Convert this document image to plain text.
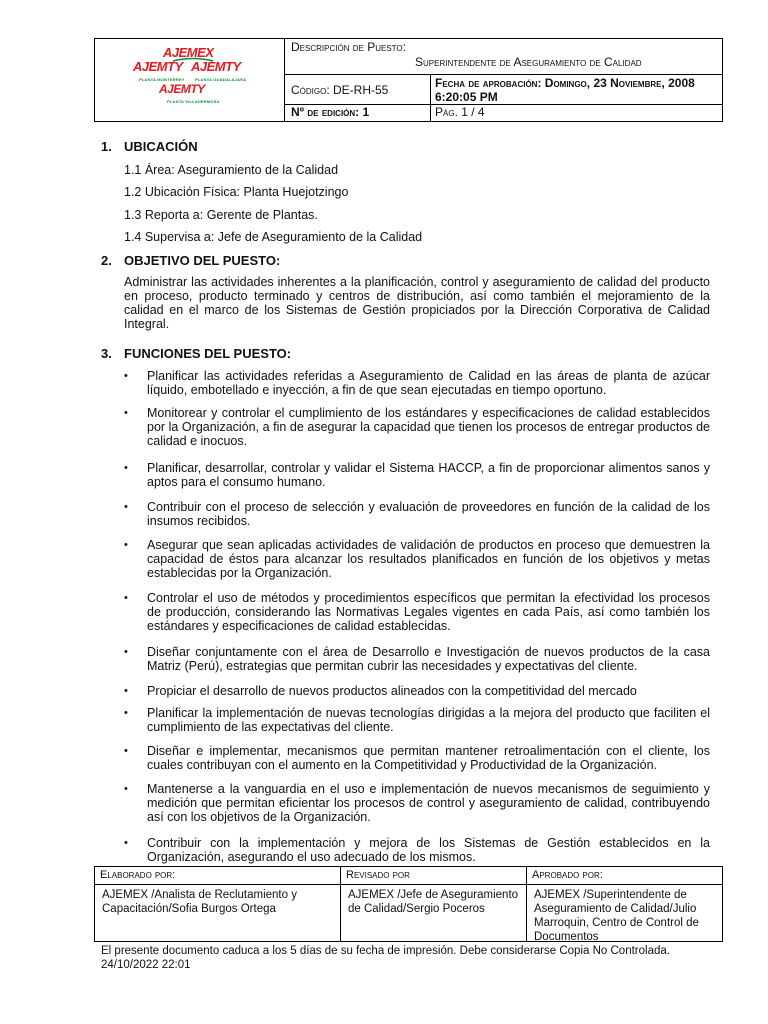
AJEMEX
AJEMTY
PLANTA MONTERREY
AJEMTY
PLANTA GUADALAJARA
AJEMTY
PLANTA VILLAHERMOSA
Descripción de Puesto:
Superintendente de Aseguramiento de Calidad
Código: DE-RH-55	Fecha de aprobación: Domingo, 23 Noviembre, 2008 6:20:05 PM
Nº de edición: 1	Pág. 1 / 4
1. UBICACIÓN
1.1 Área: Aseguramiento de la Calidad
1.2 Ubicación Física: Planta Huejotzingo
1.3 Reporta a: Gerente de Plantas.
1.4 Supervisa a: Jefe de Aseguramiento de la Calidad
2. OBJETIVO DEL PUESTO:
Administrar las actividades inherentes a la planificación, control y aseguramiento de calidad del producto en proceso, producto terminado y centros de distribución, así como también el mejoramiento de la calidad en el marco de los Sistemas de Gestión propiciados por la Dirección Corporativa de Calidad Integral.
3. FUNCIONES DEL PUESTO:
• Planificar las actividades referidas a Aseguramiento de Calidad en las áreas de planta de azúcar líquido, embotellado e inyección, a fin de que sean ejecutadas en tiempo oportuno.
• Monitorear y controlar el cumplimiento de los estándares y especificaciones de calidad establecidos por la Organización, a fin de asegurar la capacidad que tienen los procesos de entregar productos de calidad e inocuos.
• Planificar, desarrollar, controlar y validar el Sistema HACCP, a fin de proporcionar alimentos sanos y aptos para el consumo humano.
• Contribuir con el proceso de selección y evaluación de proveedores en función de la calidad de los insumos recibidos.
• Asegurar que sean aplicadas actividades de validación de productos en proceso que demuestren la capacidad de éstos para alcanzar los resultados planificados en función de los objetivos y metas establecidas por la Organización.
• Controlar el uso de métodos y procedimientos específicos que permitan la efectividad los procesos de producción, considerando las Normativas Legales vigentes en cada País, así como también los estándares y especificaciones de calidad establecidas.
• Diseñar conjuntamente con el área de Desarrollo e Investigación de nuevos productos de la casa Matriz (Perú), estrategias que permitan cubrir las necesidades y expectativas del cliente.
• Propiciar el desarrollo de nuevos productos alineados con la competitividad del mercado
• Planificar la implementación de nuevas tecnologías dirigidas a la mejora del producto que faciliten el cumplimiento de las expectativas del cliente.
• Diseñar e implementar, mecanismos que permitan mantener retroalimentación con el cliente, los cuales contribuyan con el aumento en la Competitividad y Productividad de la Organización.
• Mantenerse a la vanguardia en el uso e implementación de nuevos mecanismos de seguimiento y medición que permitan eficientar los procesos de control y aseguramiento de calidad, contribuyendo así con los objetivos de la Organización.
• Contribuir con la implementación y mejora de los Sistemas de Gestión establecidos en la Organización, asegurando el uso adecuado de los mismos.
Elaborado por:
AJEMEX /Analista de Reclutamiento y Capacitación/Sofia Burgos Ortega
Revisado por
AJEMEX /Jefe de Aseguramiento de Calidad/Sergio Poceros
Aprobado por:
AJEMEX /Superintendente de Aseguramiento de Calidad/Julio Marroquin, Centro de Control de Documentos
El presente documento caduca a los 5 días de su fecha de impresión. Debe considerarse Copia No Controlada.
24/10/2022 22:01
